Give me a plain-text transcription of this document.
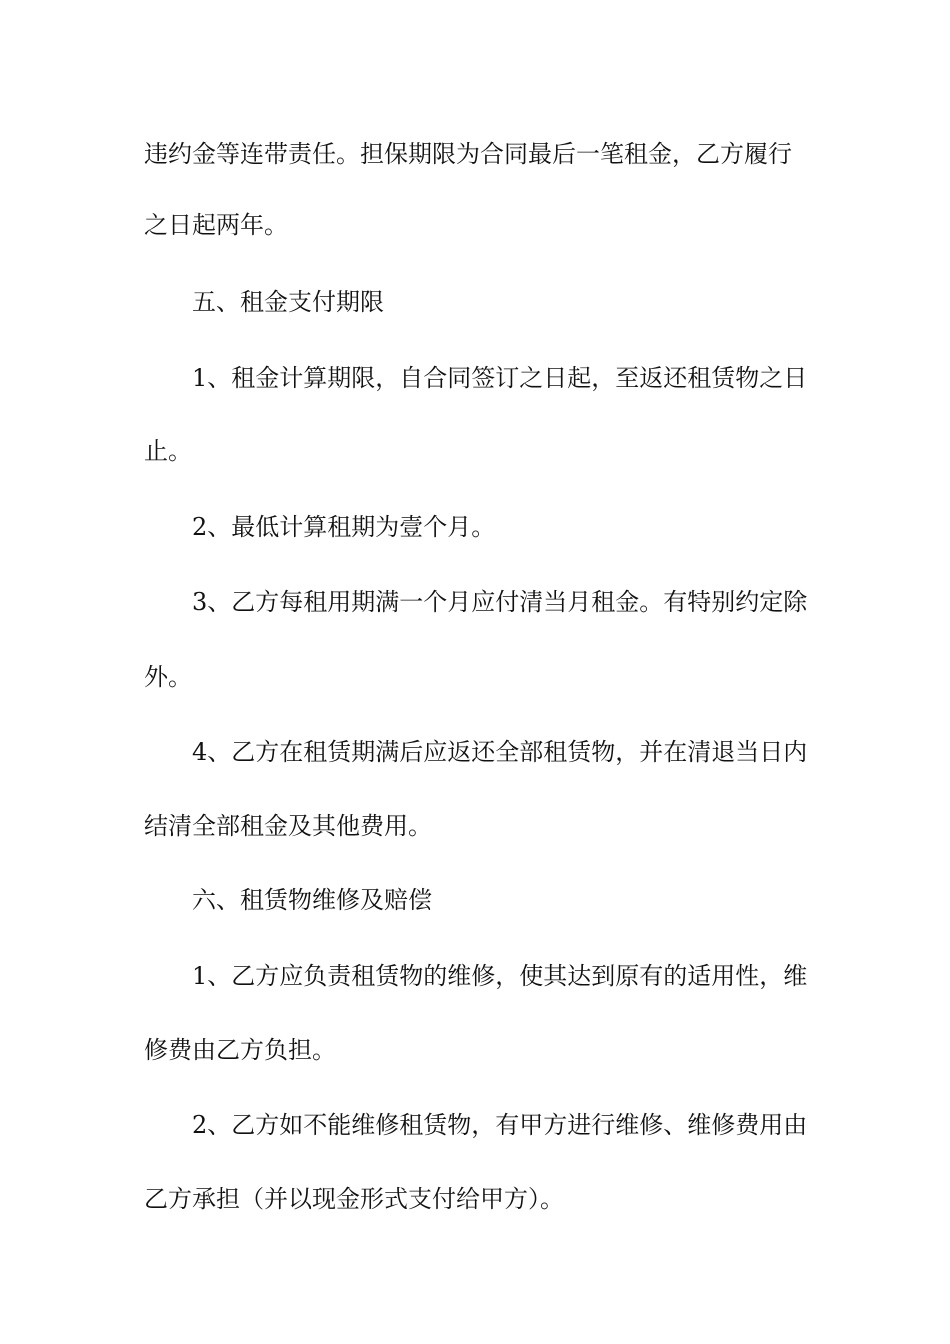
违约金等连带责任。担保期限为合同最后一笔租金，乙方履行
之日起两年。
五、租金支付期限
1、租金计算期限，自合同签订之日起，至返还租赁物之日
止。
2、最低计算租期为壹个月。
3、乙方每租用期满一个月应付清当月租金。有特别约定除
外。
4、乙方在租赁期满后应返还全部租赁物，并在清退当日内
结清全部租金及其他费用。
六、租赁物维修及赔偿
1、乙方应负责租赁物的维修，使其达到原有的适用性，维
修费由乙方负担。
2、乙方如不能维修租赁物，有甲方进行维修、维修费用由
乙方承担（并以现金形式支付给甲方）。
